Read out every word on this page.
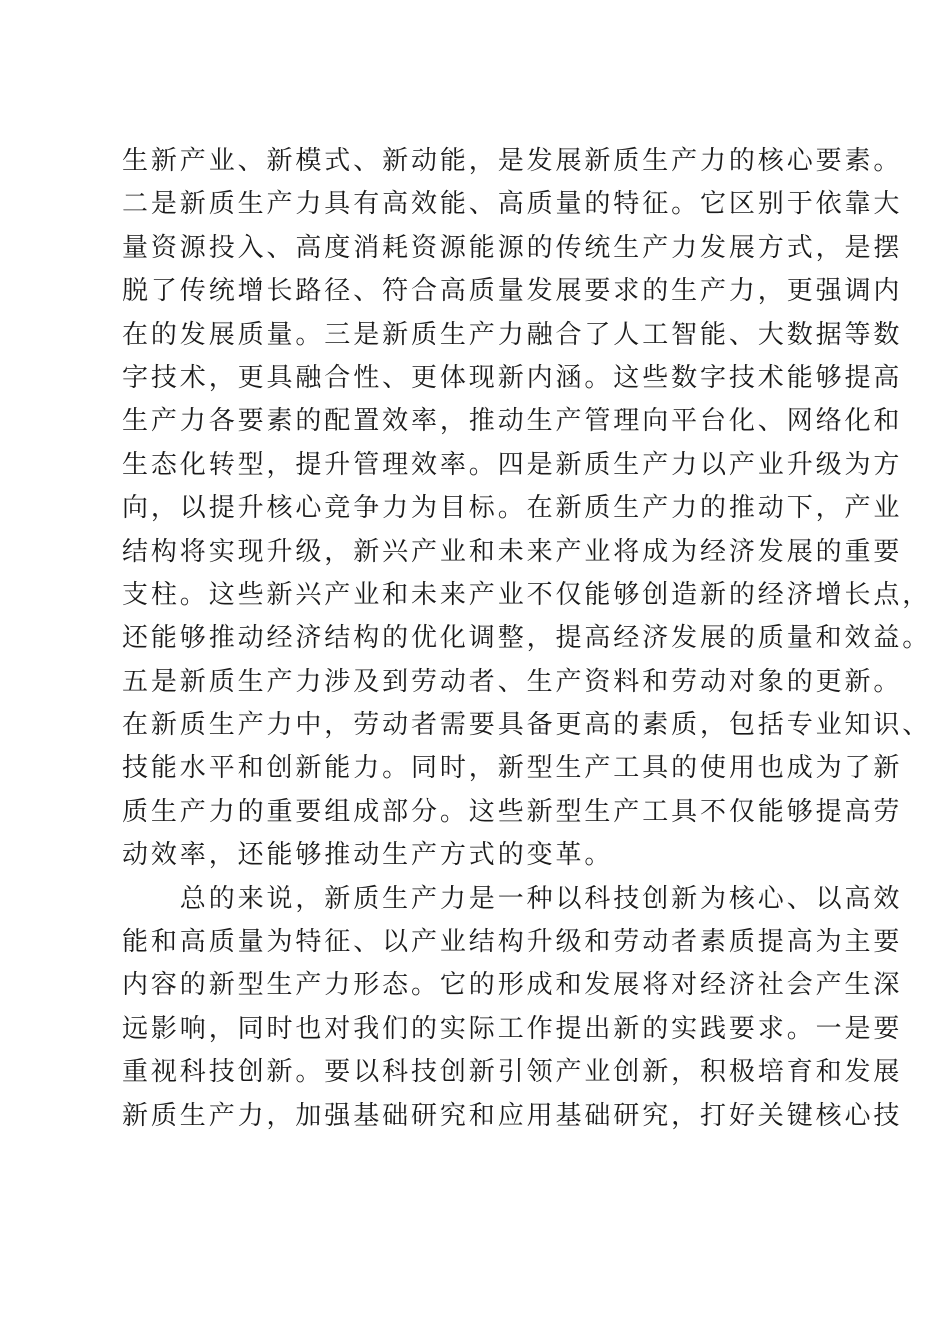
生新产业、新模式、新动能，是发展新质生产力的核心要素。
二是新质生产力具有高效能、高质量的特征。它区别于依靠大
量资源投入、高度消耗资源能源的传统生产力发展方式，是摆
脱了传统增长路径、符合高质量发展要求的生产力，更强调内
在的发展质量。三是新质生产力融合了人工智能、大数据等数
字技术，更具融合性、更体现新内涵。这些数字技术能够提高
生产力各要素的配置效率，推动生产管理向平台化、网络化和
生态化转型，提升管理效率。四是新质生产力以产业升级为方
向，以提升核心竞争力为目标。在新质生产力的推动下，产业
结构将实现升级，新兴产业和未来产业将成为经济发展的重要
支柱。这些新兴产业和未来产业不仅能够创造新的经济增长点，
还能够推动经济结构的优化调整，提高经济发展的质量和效益。
五是新质生产力涉及到劳动者、生产资料和劳动对象的更新。
在新质生产力中，劳动者需要具备更高的素质，包括专业知识、
技能水平和创新能力。同时，新型生产工具的使用也成为了新
质生产力的重要组成部分。这些新型生产工具不仅能够提高劳
动效率，还能够推动生产方式的变革。
　　总的来说，新质生产力是一种以科技创新为核心、以高效
能和高质量为特征、以产业结构升级和劳动者素质提高为主要
内容的新型生产力形态。它的形成和发展将对经济社会产生深
远影响，同时也对我们的实际工作提出新的实践要求。一是要
重视科技创新。要以科技创新引领产业创新，积极培育和发展
新质生产力，加强基础研究和应用基础研究，打好关键核心技
